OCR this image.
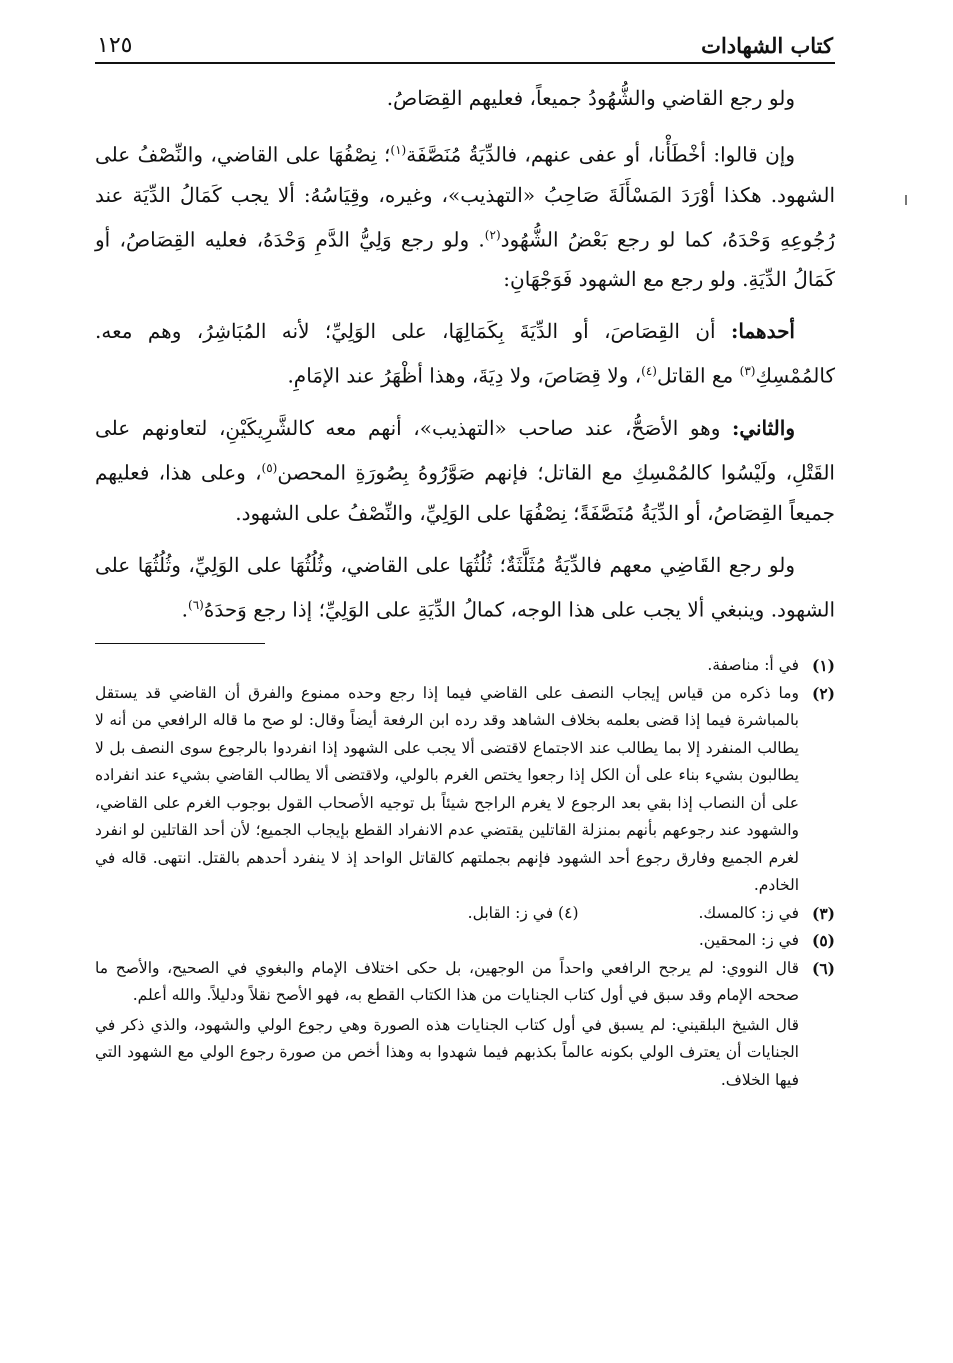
كتاب الشهادات
١٢٥

ولو رجع القاضي والشُّهُودُ جميعاً، فعليهم القِصَاصُ.

وإن قالوا: أخْطَأْنا، أو عفى عنهم، فالدِّيَةُ مُنَصَّفَة$^{(١)}$؛ نِصْفُهَا على القاضي، والنِّصْفُ على الشهود. هكذا أوْرَدَ المَسْأَلَةَ صَاحِبُ «التهذيب»، وغيره، وقِيَاسُهُ: ألا يجب كَمَالُ الدِّيَة عند رُجُوعِهِ وَحْدَهُ، كما لو رجع بَعْضُ الشُّهُود$^{(٢)}$. ولو رجع وَلِيُّ الدَّمِ وَحْدَهُ، فعليه القِصَاصُ، أو كَمَالُ الدِّيَةِ. ولو رجع مع الشهود فَوَجْهَانِ:

أحدهما: أن القِصَاصَ، أو الدِّيَةَ بِكَمَالِهَا، على الوَلِيِّ؛ لأنه المُبَاشِرُ، وهم معه. كالمُمْسِكِ$^{(٣)}$ مع القاتل$^{(٤)}$، ولا قِصَاصَ، ولا دِيَةَ، وهذا أظْهَرُ عند الإمَامِ.

والثاني: وهو الأصَحُّ، عند صاحب «التهذيب»، أنهم معه كالشَّرِيكَيْنِ، لتعاونهم على القَتْلِ، ولَيْسُوا كالمُمْسِكِ مع القاتل؛ فإنهم صَوَّرُوهُ بِصُورَةِ المحصن$^{(٥)}$، وعلى هذا، فعليهم جميعاً القِصَاصُ، أو الدِّيَةُ مُنَصَّفَةً؛ نِصْفُهَا على الوَلِيِّ، والنِّصْفُ على الشهود.

ولو رجع القَاضِي معهم فالدِّيَةُ مُثَلَّثَةٌ؛ ثُلُثُهَا على القاضي، وثُلُثُهَا على الوَلِيِّ، وثُلُثُهَا على الشهود. وينبغي ألا يجب على هذا الوجه، كمالُ الدِّيَةِ على الوَلِيِّ؛ إذا رجع وَحدَهُ$^{(٦)}$.

(١)
في أ: مناصفة.
(٢)
وما ذكره من قياس إيجاب النصف على القاضي فيما إذا رجع وحده ممنوع والفرق أن القاضي قد يستقل بالمباشرة فيما إذا قضى بعلمه بخلاف الشاهد وقد رده ابن الرفعة أيضاً وقال: لو صح ما قاله الرافعي من أنه لا يطالب المنفرد إلا بما يطالب عند الاجتماع لاقتضى ألا يجب على الشهود إذا انفردوا بالرجوع سوى النصف بل لا يطالبون بشيء بناء على أن الكل إذا رجعوا يختص الغرم بالولي، ولاقتضى ألا يطالب القاضي بشيء عند انفراده على أن النصاب إذا بقي بعد الرجوع لا يغرم الراجح شيئاً بل توجيه الأصحاب القول بوجوب الغرم على القاضي، والشهود عند رجوعهم بأنهم بمنزلة القاتلين يقتضي عدم الانفراد القطع بإيجاب الجميع؛ لأن أحد القاتلين لو انفرد لغرم الجميع وفارق رجوع أحد الشهود فإنهم بجملتهم كالقاتل الواحد إذ لا ينفرد أحدهم بالقتل. انتهى. قاله في الخادم.
(٣)
في ز: كالمسك.
(٤) في ز: القابل.
(٥)
في ز: المحقين.
(٦)
قال النووي: لم يرجح الرافعي واحداً من الوجهين، بل حكى اختلاف الإمام والبغوي في الصحيح، والأصح ما صححه الإمام وقد سبق في أول كتاب الجنايات من هذا الكتاب القطع به، فهو الأصح نقلاً ودليلاً. والله أعلم.
قال الشيخ البلقيني: لم يسبق في أول كتاب الجنايات هذه الصورة وهي رجوع الولي والشهود، والذي ذكر في الجنايات أن يعترف الولي بكونه عالماً بكذبهم فيما شهدوا به وهذا أخص من صورة رجوع الولي مع الشهود التي فيها الخلاف.
